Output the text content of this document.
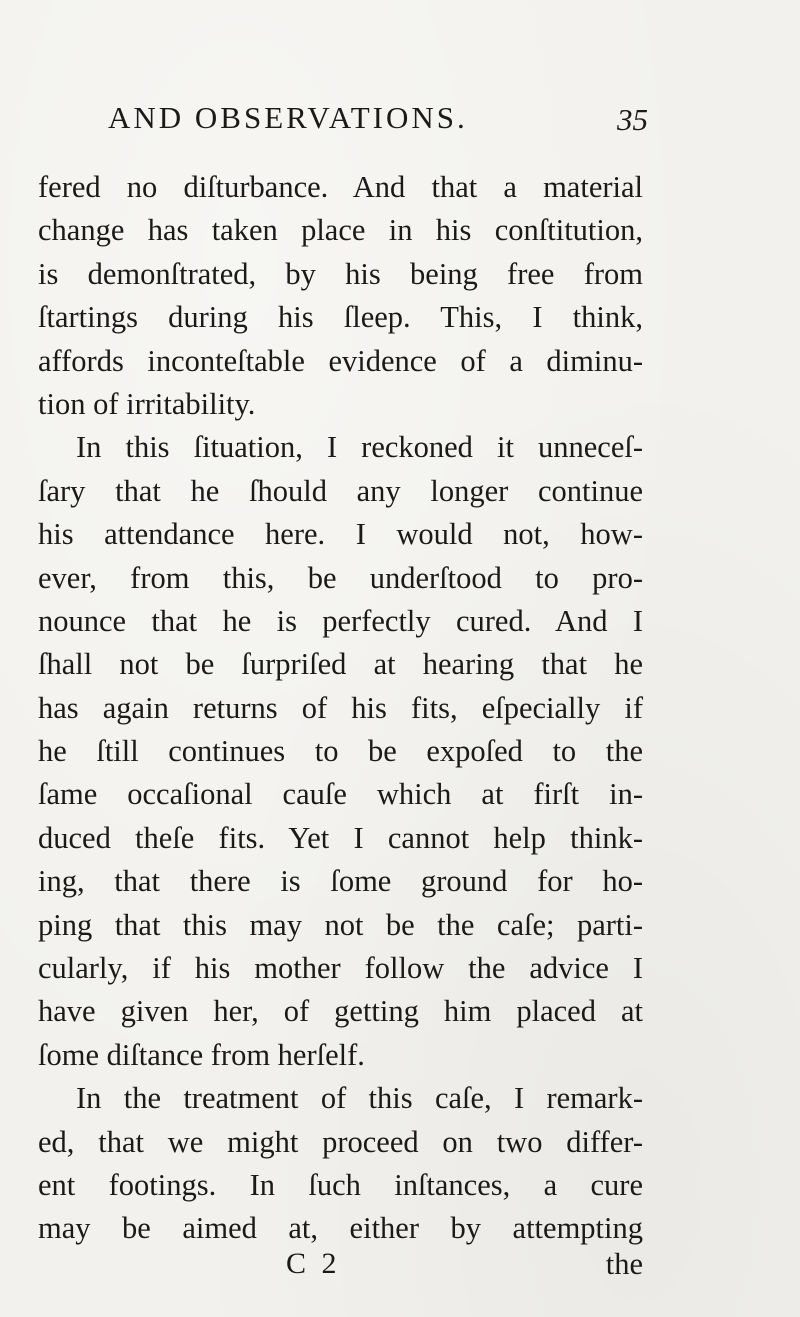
AND OBSERVATIONS.	35
fered no diſturbance. And that a material
change has taken place in his conſtitution,
is demonſtrated, by his being free from
ſtartings during his ſleep. This, I think,
affords inconteſtable evidence of a diminu-
tion of irritability.
In this ſituation, I reckoned it unneceſ-
ſary that he ſhould any longer continue
his attendance here. I would not, how-
ever, from this, be underſtood to pro-
nounce that he is perfectly cured. And I
ſhall not be ſurpriſed at hearing that he
has again returns of his fits, eſpecially if
he ſtill continues to be expoſed to the
ſame occaſional cauſe which at firſt in-
duced theſe fits. Yet I cannot help think-
ing, that there is ſome ground for ho-
ping that this may not be the caſe; parti-
cularly, if his mother follow the advice I
have given her, of getting him placed at
ſome diſtance from herſelf.
In the treatment of this caſe, I remark-
ed, that we might proceed on two differ-
ent footings. In ſuch inſtances, a cure
may be aimed at, either by attempting
C 2	the
